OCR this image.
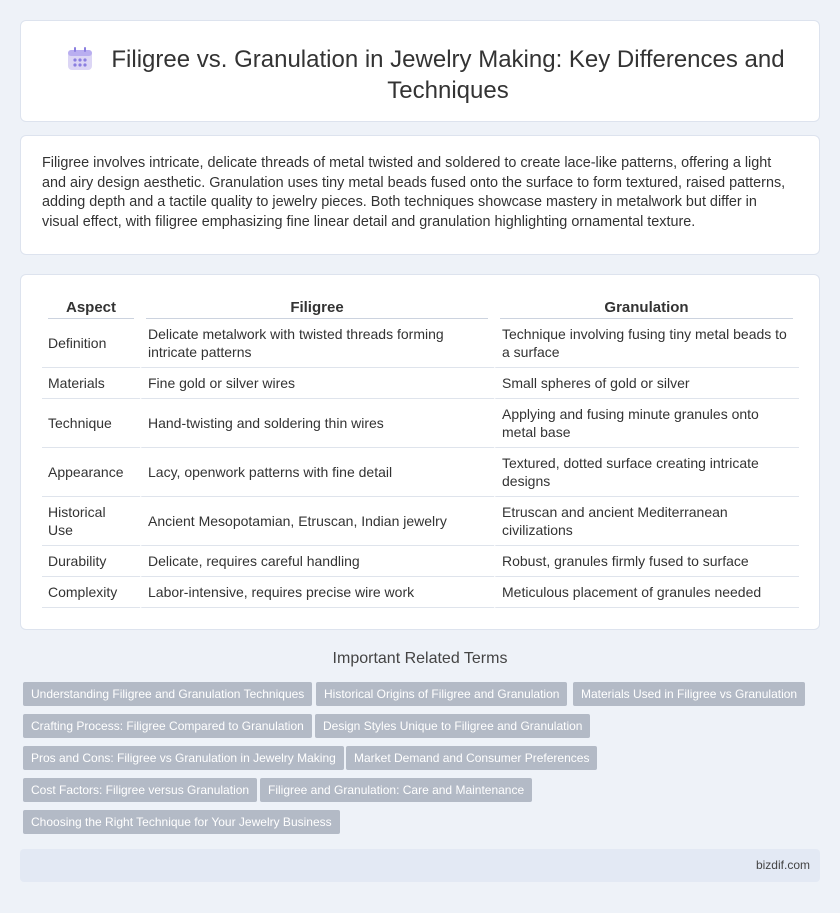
Filigree vs. Granulation in Jewelry Making: Key Differences and Techniques

Filigree involves intricate, delicate threads of metal twisted and soldered to create lace-like patterns, offering a light and airy design aesthetic. Granulation uses tiny metal beads fused onto the surface to form textured, raised patterns, adding depth and a tactile quality to jewelry pieces. Both techniques showcase mastery in metalwork but differ in visual effect, with filigree emphasizing fine linear detail and granulation highlighting ornamental texture.

Aspect	Filigree	Granulation

Definition	Delicate metalwork with twisted threads forming intricate patterns	Technique involving fusing tiny metal beads to a surface
Materials	Fine gold or silver wires	Small spheres of gold or silver
Technique	Hand-twisting and soldering thin wires	Applying and fusing minute granules onto metal base
Appearance	Lacy, openwork patterns with fine detail	Textured, dotted surface creating intricate designs
Historical Use	Ancient Mesopotamian, Etruscan, Indian jewelry	Etruscan and ancient Mediterranean civilizations
Durability	Delicate, requires careful handling	Robust, granules firmly fused to surface
Complexity	Labor-intensive, requires precise wire work	Meticulous placement of granules needed
Important Related Terms
Understanding Filigree and Granulation Techniques	Historical Origins of Filigree and Granulation	Materials Used in Filigree vs Granulation
Crafting Process: Filigree Compared to Granulation	Design Styles Unique to Filigree and Granulation
Pros and Cons: Filigree vs Granulation in Jewelry Making	Market Demand and Consumer Preferences
Cost Factors: Filigree versus Granulation	Filigree and Granulation: Care and Maintenance
Choosing the Right Technique for Your Jewelry Business
bizdif.com
